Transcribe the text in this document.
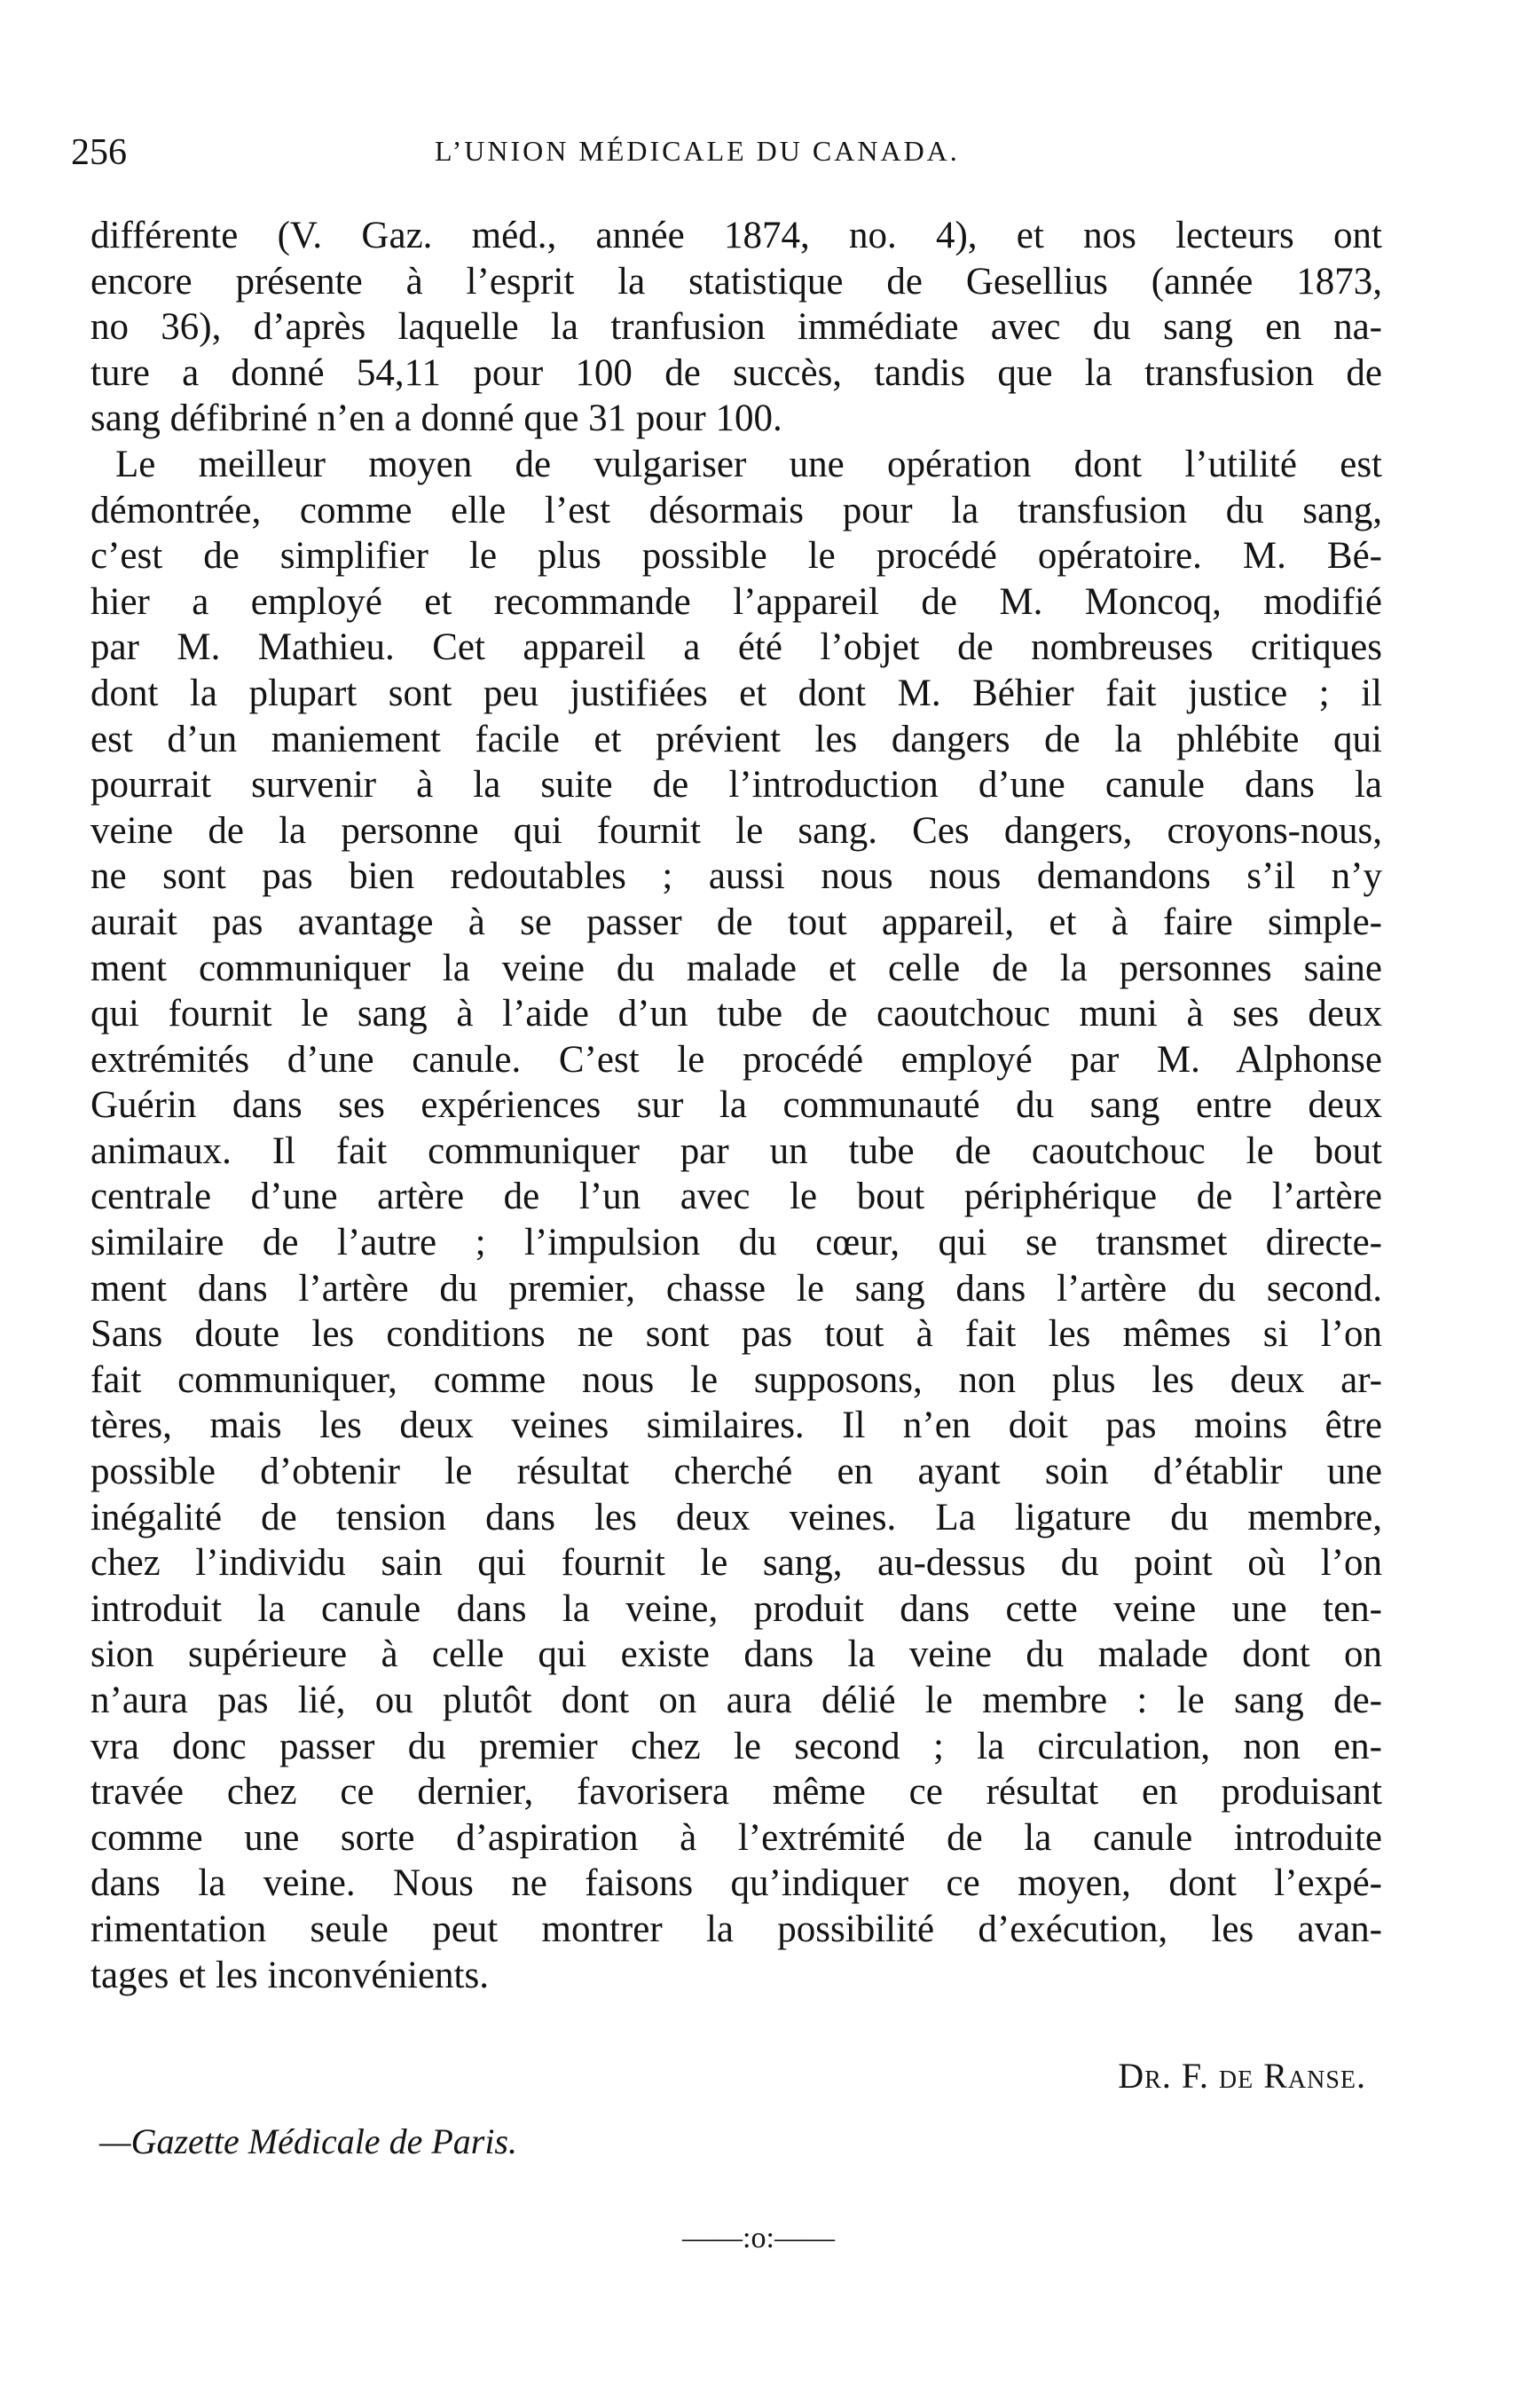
256	L’UNION MÉDICALE DU CANADA.
différente (V. Gaz. méd., année 1874, no. 4), et nos lecteurs ont
encore présente à l’esprit la statistique de Gesellius (année 1873,
no 36), d’après laquelle la tranfusion immédiate avec du sang en na-
ture a donné 54,11 pour 100 de succès, tandis que la transfusion de
sang défibriné n’en a donné que 31 pour 100.
Le meilleur moyen de vulgariser une opération dont l’utilité est
démontrée, comme elle l’est désormais pour la transfusion du sang,
c’est de simplifier le plus possible le procédé opératoire. M. Bé-
hier a employé et recommande l’appareil de M. Moncoq, modifié
par M. Mathieu. Cet appareil a été l’objet de nombreuses critiques
dont la plupart sont peu justifiées et dont M. Béhier fait justice ; il
est d’un maniement facile et prévient les dangers de la phlébite qui
pourrait survenir à la suite de l’introduction d’une canule dans la
veine de la personne qui fournit le sang. Ces dangers, croyons-nous,
ne sont pas bien redoutables ; aussi nous nous demandons s’il n’y
aurait pas avantage à se passer de tout appareil, et à faire simple-
ment communiquer la veine du malade et celle de la personnes saine
qui fournit le sang à l’aide d’un tube de caoutchouc muni à ses deux
extrémités d’une canule. C’est le procédé employé par M. Alphonse
Guérin dans ses expériences sur la communauté du sang entre deux
animaux. Il fait communiquer par un tube de caoutchouc le bout
centrale d’une artère de l’un avec le bout périphérique de l’artère
similaire de l’autre ; l’impulsion du cœur, qui se transmet directe-
ment dans l’artère du premier, chasse le sang dans l’artère du second.
Sans doute les conditions ne sont pas tout à fait les mêmes si l’on
fait communiquer, comme nous le supposons, non plus les deux ar-
tères, mais les deux veines similaires. Il n’en doit pas moins être
possible d’obtenir le résultat cherché en ayant soin d’établir une
inégalité de tension dans les deux veines. La ligature du membre,
chez l’individu sain qui fournit le sang, au-dessus du point où l’on
introduit la canule dans la veine, produit dans cette veine une ten-
sion supérieure à celle qui existe dans la veine du malade dont on
n’aura pas lié, ou plutôt dont on aura délié le membre : le sang de-
vra donc passer du premier chez le second ; la circulation, non en-
travée chez ce dernier, favorisera même ce résultat en produisant
comme une sorte d’aspiration à l’extrémité de la canule introduite
dans la veine. Nous ne faisons qu’indiquer ce moyen, dont l’expé-
rimentation seule peut montrer la possibilité d’exécution, les avan-
tages et les inconvénients.
Dr. F. de Ranse.
—Gazette Médicale de Paris.
——:o:——
